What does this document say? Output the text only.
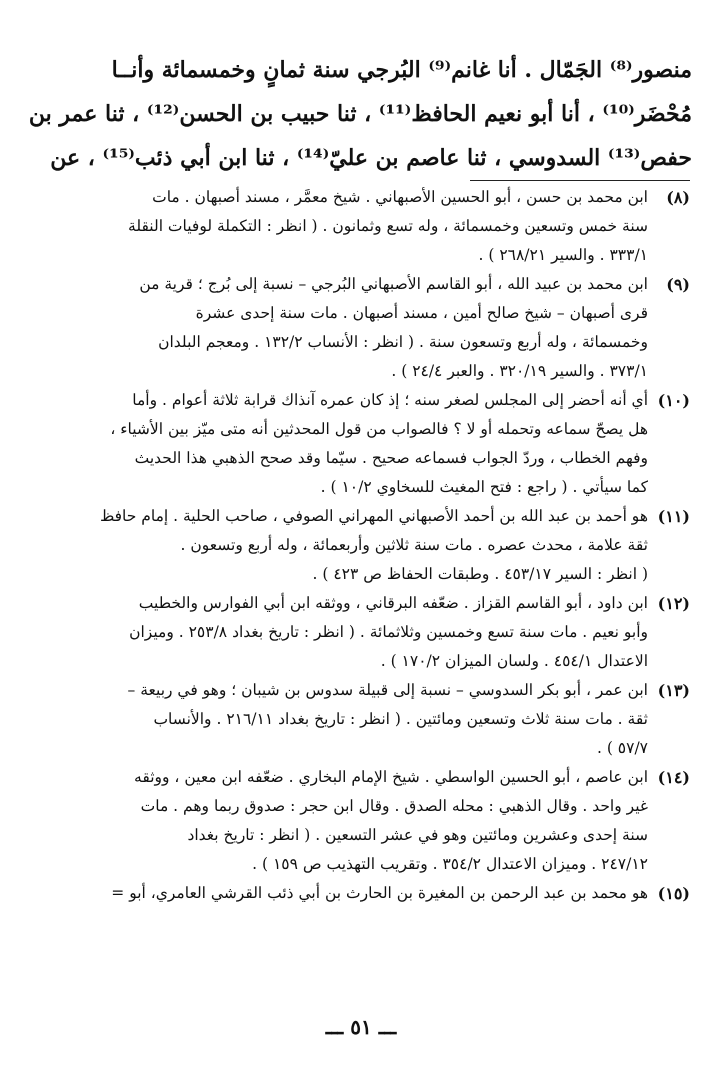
منصور⁽⁸⁾ الجَمّال . أنا غانم⁽⁹⁾ البُرجي سنة ثمانٍ وخمسمائة وأنــا
مُحْضَر⁽¹⁰⁾ ، أنا أبو نعيم الحافظ⁽¹¹⁾ ، ثنا حبيب بن الحسن⁽¹²⁾ ، ثنا عمر بن
حفص⁽¹³⁾ السدوسي ، ثنا عاصم بن عليّ⁽¹⁴⁾ ، ثنا ابن أبي ذئب⁽¹⁵⁾ ، عن
(٨)
ابن محمد بن حسن ، أبو الحسين الأصبهاني . شيخ معمَّر ، مسند أصبهان . مات
سنة خمس وتسعين وخمسمائة ، وله تسع وثمانون . ( انظر : التكملة لوفيات النقلة
٣٣٣/١ . والسير ٢٦٨/٢١ ) .
(٩)
ابن محمد بن عبيد الله ، أبو القاسم الأصبهاني البُرجي – نسبة إلى بُرج ؛ قرية من
قرى أصبهان – شيخ صالح أمين ، مسند أصبهان . مات سنة إحدى عشرة
وخمسمائة ، وله أربع وتسعون سنة . ( انظر : الأنساب ١٣٢/٢ . ومعجم البلدان
٣٧٣/١ . والسير ٣٢٠/١٩ . والعبر ٢٤/٤ ) .
(١٠)
أي أنه أحضر إلى المجلس لصغر سنه ؛ إذ كان عمره آنذاك قرابة ثلاثة أعوام . وأما
هل يصحّ سماعه وتحمله أو لا ؟ فالصواب من قول المحدثين أنه متى ميّز بين الأشياء ،
وفهم الخطاب ، وردّ الجواب فسماعه صحيح . سيّما وقد صحح الذهبي هذا الحديث
كما سيأتي . ( راجع : فتح المغيث للسخاوي ١٠/٢ ) .
(١١)
هو أحمد بن عبد الله بن أحمد الأصبهاني المهراني الصوفي ، صاحب الحلية . إمام حافظ
ثقة علامة ، محدث عصره . مات سنة ثلاثين وأربعمائة ، وله أربع وتسعون .
( انظر : السير ٤٥٣/١٧ . وطبقات الحفاظ ص ٤٢٣ ) .
(١٢)
ابن داود ، أبو القاسم القزاز . ضعّفه البرقاني ، ووثقه ابن أبي الفوارس والخطيب
وأبو نعيم . مات سنة تسع وخمسين وثلاثمائة . ( انظر : تاريخ بغداد ٢٥٣/٨ . وميزان
الاعتدال ٤٥٤/١ . ولسان الميزان ١٧٠/٢ ) .
(١٣)
ابن عمر ، أبو بكر السدوسي – نسبة إلى قبيلة سدوس بن شيبان ؛ وهو في ربيعة –
ثقة . مات سنة ثلاث وتسعين ومائتين . ( انظر : تاريخ بغداد ٢١٦/١١ . والأنساب
٥٧/٧ ) .
(١٤)
ابن عاصم ، أبو الحسين الواسطي . شيخ الإمام البخاري . ضعّفه ابن معين ، ووثقه
غير واحد . وقال الذهبي : محله الصدق . وقال ابن حجر : صدوق ربما وهم . مات
سنة إحدى وعشرين ومائتين وهو في عشر التسعين . ( انظر : تاريخ بغداد
٢٤٧/١٢ . وميزان الاعتدال ٣٥٤/٢ . وتقريب التهذيب ص ١٥٩ ) .
(١٥)
هو محمد بن عبد الرحمن بن المغيرة بن الحارث بن أبي ذئب القرشي العامري، أبو =
ـــ ٥١ ـــ
